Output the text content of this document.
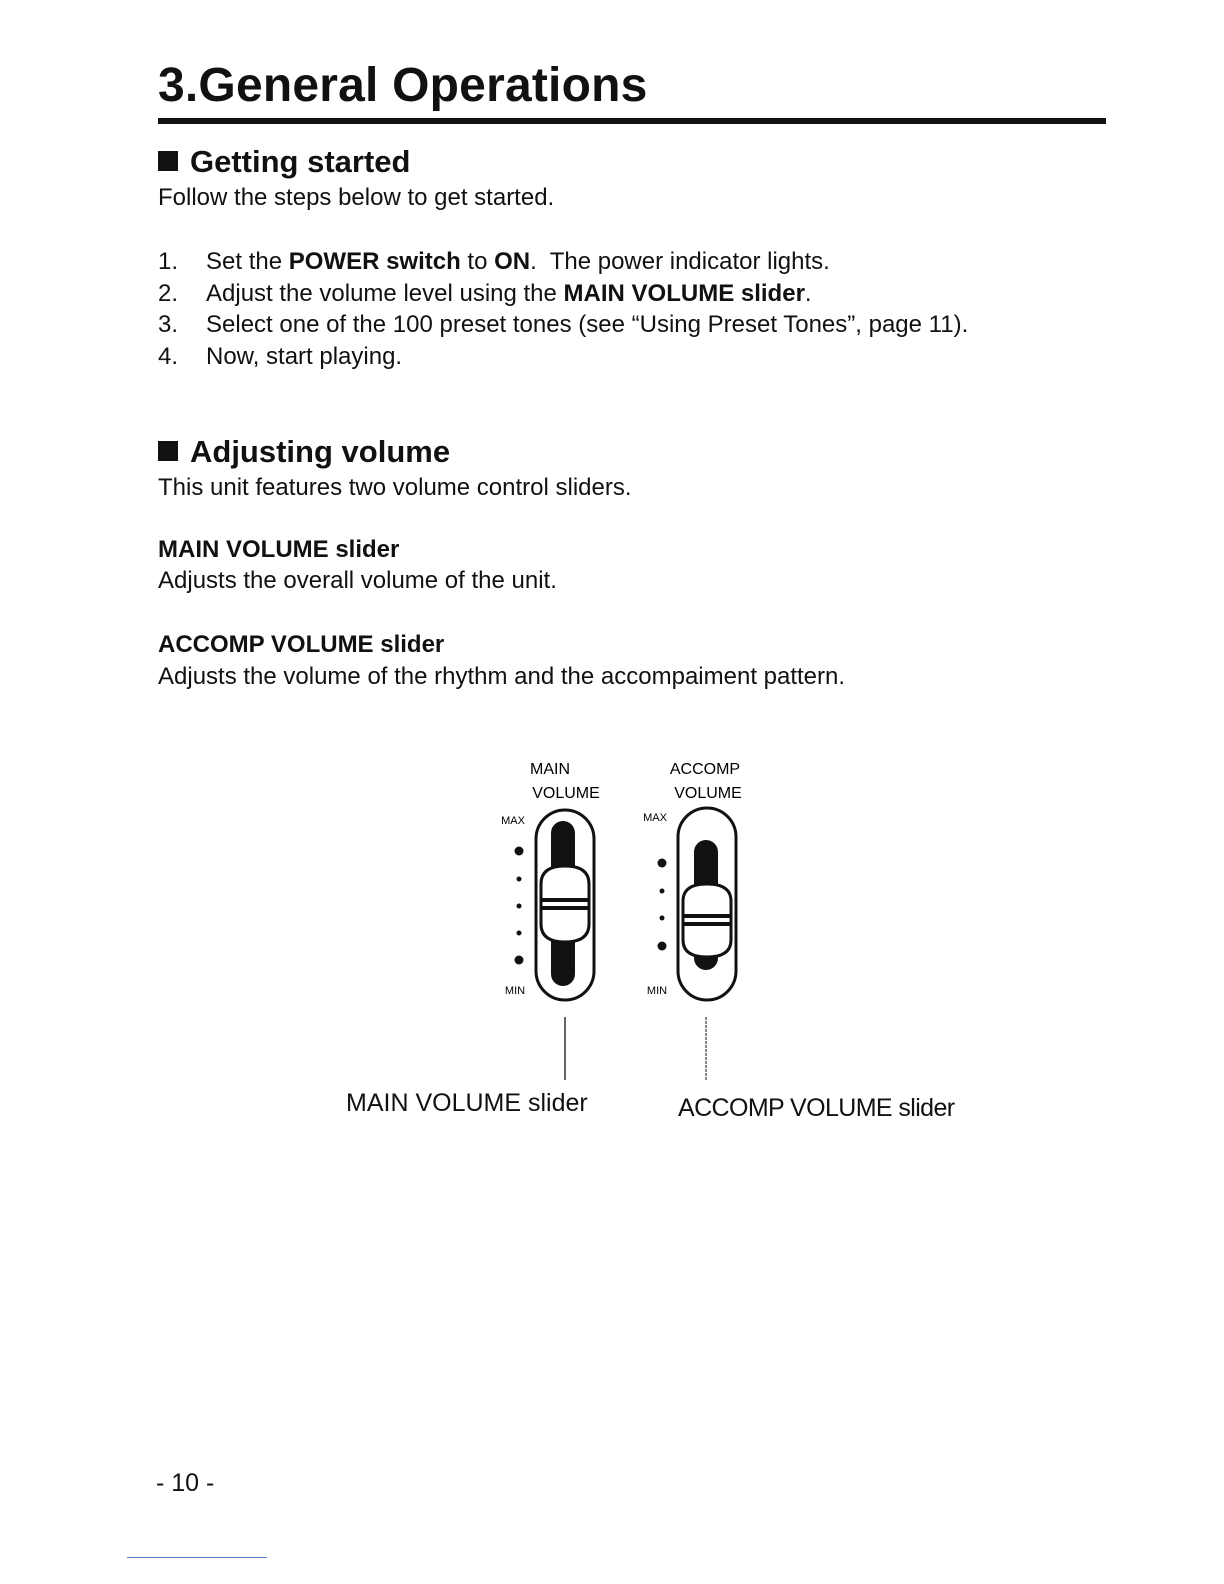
3.General Operations
Getting started

Follow the steps below to get started.

1.	Set the POWER switch to ON.  The power indicator lights.
2.	Adjust the volume level using the MAIN VOLUME slider.
3.	Select one of the 100 preset tones (see “Using Preset Tones”, page 11).
4.	Now, start playing.
Adjusting volume

This unit features two volume control sliders.

MAIN VOLUME slider

Adjusts the overall volume of the unit.

ACCOMP VOLUME slider

Adjusts the volume of the rhythm and the accompaiment pattern.

MAIN
VOLUME
MAX
MIN
ACCOMP
VOLUME
MAX
MIN
MAIN VOLUME slider	ACCOMP VOLUME slider
- 10 -
